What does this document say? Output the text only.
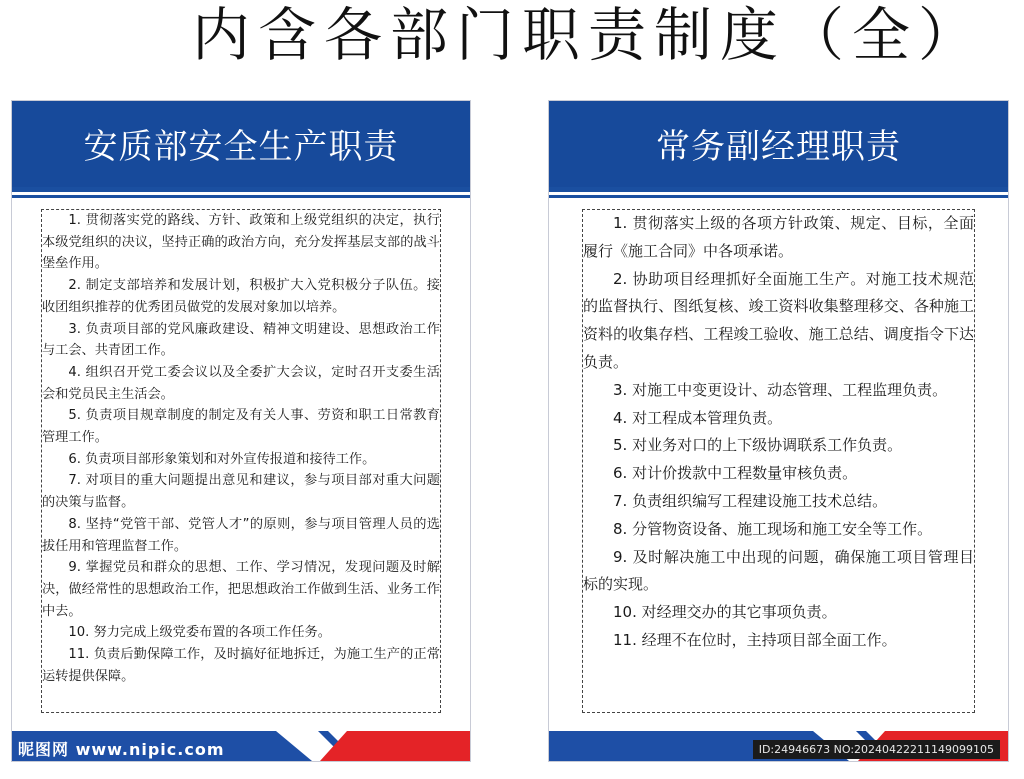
内含各部门职责制度（全）
安质部安全生产职责

1. 贯彻落实党的路线、方针、政策和上级党组织的决定，执行本级党组织的决议，坚持正确的政治方向，充分发挥基层支部的战斗堡垒作用。

2. 制定支部培养和发展计划，积极扩大入党积极分子队伍。接收团组织推荐的优秀团员做党的发展对象加以培养。

3. 负责项目部的党风廉政建设、精神文明建设、思想政治工作与工会、共青团工作。

4. 组织召开党工委会议以及全委扩大会议，定时召开支委生活会和党员民主生活会。

5. 负责项目规章制度的制定及有关人事、劳资和职工日常教育管理工作。

6. 负责项目部形象策划和对外宣传报道和接待工作。

7. 对项目的重大问题提出意见和建议，参与项目部对重大问题的决策与监督。

8. 坚持“党管干部、党管人才”的原则，参与项目管理人员的选拔任用和管理监督工作。

9. 掌握党员和群众的思想、工作、学习情况，发现问题及时解决，做经常性的思想政治工作，把思想政治工作做到生活、业务工作中去。

10. 努力完成上级党委布置的各项工作任务。

11. 负责后勤保障工作，及时搞好征地拆迁，为施工生产的正常运转提供保障。

常务副经理职责

1. 贯彻落实上级的各项方针政策、规定、目标，全面履行《施工合同》中各项承诺。

2. 协助项目经理抓好全面施工生产。对施工技术规范的监督执行、图纸复核、竣工资料收集整理移交、各种施工资料的收集存档、工程竣工验收、施工总结、调度指令下达负责。

3. 对施工中变更设计、动态管理、工程监理负责。

4. 对工程成本管理负责。

5. 对业务对口的上下级协调联系工作负责。

6. 对计价拨款中工程数量审核负责。

7. 负责组织编写工程建设施工技术总结。

8. 分管物资设备、施工现场和施工安全等工作。

9. 及时解决施工中出现的问题，确保施工项目管理目标的实现。

10. 对经理交办的其它事项负责。

11. 经理不在位时，主持项目部全面工作。

昵图网 www.nipic.com	ID:24946673 NO:20240422211149099105
